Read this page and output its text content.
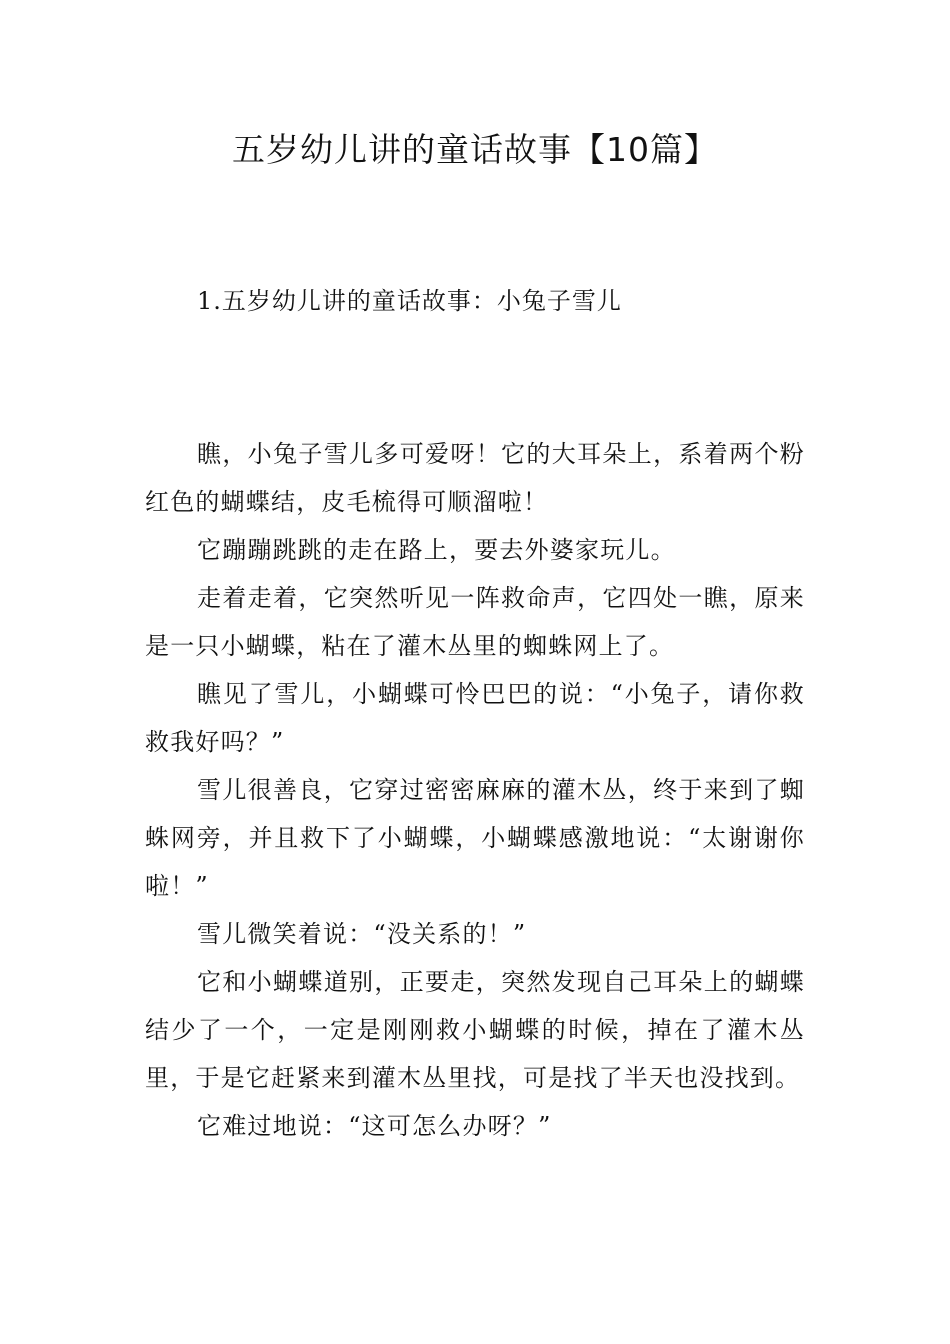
五岁幼儿讲的童话故事【10篇】
1.五岁幼儿讲的童话故事：小兔子雪儿

瞧，小兔子雪儿多可爱呀！它的大耳朵上，系着两个粉红色的蝴蝶结，皮毛梳得可顺溜啦！

它蹦蹦跳跳的走在路上，要去外婆家玩儿。

走着走着，它突然听见一阵救命声，它四处一瞧，原来是一只小蝴蝶，粘在了灌木丛里的蜘蛛网上了。

瞧见了雪儿，小蝴蝶可怜巴巴的说：“小兔子，请你救救我好吗？”

雪儿很善良，它穿过密密麻麻的灌木丛，终于来到了蜘蛛网旁，并且救下了小蝴蝶，小蝴蝶感激地说：“太谢谢你啦！”

雪儿微笑着说：“没关系的！”

它和小蝴蝶道别，正要走，突然发现自己耳朵上的蝴蝶结少了一个，一定是刚刚救小蝴蝶的时候，掉在了灌木丛里，于是它赶紧来到灌木丛里找，可是找了半天也没找到。

它难过地说：“这可怎么办呀？”
